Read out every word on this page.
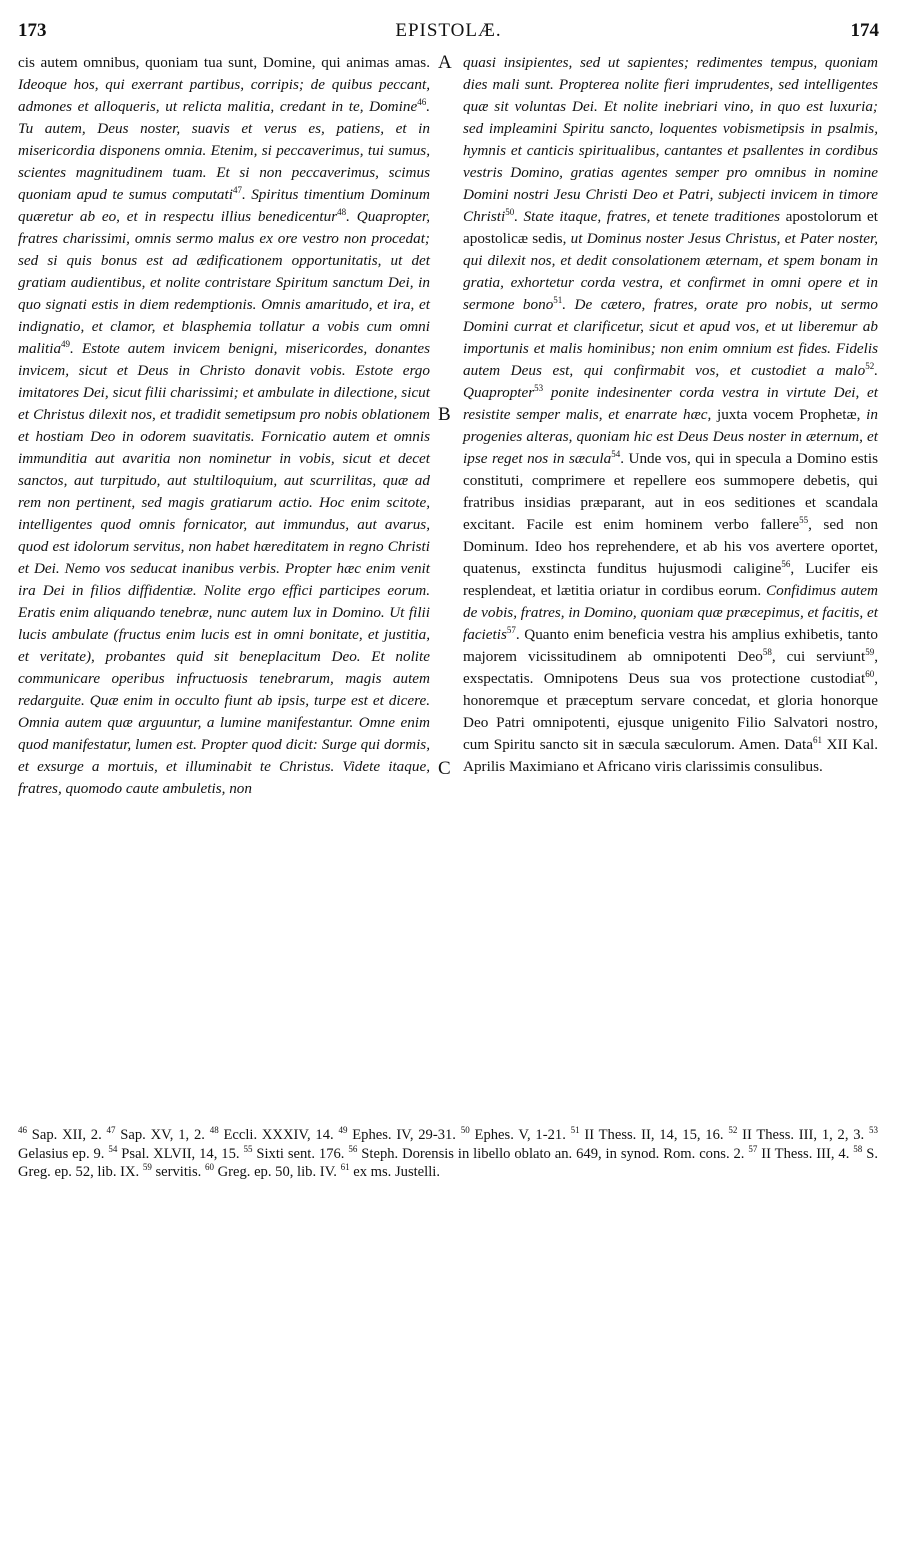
173	EPISTOLÆ.	174

cis autem omnibus, quoniam tua sunt, Domine, qui animas amas. Ideoque hos, qui exerrant partibus, corripis; de quibus peccant, admones et alloqueris, ut relicta malitia, credant in te, Domine$^{46}$. Tu autem, Deus noster, suavis et verus es, patiens, et in misericordia disponens omnia. Etenim, si peccaverimus, tui sumus, scientes magnitudinem tuam. Et si non peccaverimus, scimus quoniam apud te sumus computati$^{47}$. Spiritus timentium Dominum quæretur ab eo, et in respectu illius benedicentur$^{48}$. Quapropter, fratres charissimi, omnis sermo malus ex ore vestro non procedat; sed si quis bonus est ad ædificationem opportunitatis, ut det gratiam audientibus, et nolite contristare Spiritum sanctum Dei, in quo signati estis in diem redemptionis. Omnis amaritudo, et ira, et indignatio, et clamor, et blasphemia tollatur a vobis cum omni malitia$^{49}$. Estote autem invicem benigni, misericordes, donantes invicem, sicut et Deus in Christo donavit vobis. Estote ergo imitatores Dei, sicut filii charissimi; et ambulate in dilectione, sicut et Christus dilexit nos, et tradidit semetipsum pro nobis oblationem et hostiam Deo in odorem suavitatis. Fornicatio autem et omnis immunditia aut avaritia non nominetur in vobis, sicut et decet sanctos, aut turpitudo, aut stultiloquium, aut scurrilitas, quæ ad rem non pertinent, sed magis gratiarum actio. Hoc enim scitote, intelligentes quod omnis fornicator, aut immundus, aut avarus, quod est idolorum servitus, non habet hæreditatem in regno Christi et Dei. Nemo vos seducat inanibus verbis. Propter hæc enim venit ira Dei in filios diffidentiæ. Nolite ergo effici participes eorum. Eratis enim aliquando tenebræ, nunc autem lux in Domino. Ut filii lucis ambulate (fructus enim lucis est in omni bonitate, et justitia, et veritate), probantes quid sit beneplacitum Deo. Et nolite communicare operibus infructuosis tenebrarum, magis autem redarguite. Quæ enim in occulto fiunt ab ipsis, turpe est et dicere. Omnia autem quæ arguuntur, a lumine manifestantur. Omne enim quod manifestatur, lumen est. Propter quod dicit: Surge qui dormis, et exsurge a mortuis, et illuminabit te Christus. Videte itaque, fratres, quomodo caute ambuletis, non

A
B
C

quasi insipientes, sed ut sapientes; redimentes tempus, quoniam dies mali sunt. Propterea nolite fieri imprudentes, sed intelligentes quæ sit voluntas Dei. Et nolite inebriari vino, in quo est luxuria; sed impleamini Spiritu sancto, loquentes vobismetipsis in psalmis, hymnis et canticis spiritualibus, cantantes et psallentes in cordibus vestris Domino, gratias agentes semper pro omnibus in nomine Domini nostri Jesu Christi Deo et Patri, subjecti invicem in timore Christi$^{50}$. State itaque, fratres, et tenete traditiones apostolorum et apostolicæ sedis, ut Dominus noster Jesus Christus, et Pater noster, qui dilexit nos, et dedit consolationem æternam, et spem bonam in gratia, exhortetur corda vestra, et confirmet in omni opere et in sermone bono$^{51}$. De cætero, fratres, orate pro nobis, ut sermo Domini currat et clarificetur, sicut et apud vos, et ut liberemur ab importunis et malis hominibus; non enim omnium est fides. Fidelis autem Deus est, qui confirmabit vos, et custodiet a malo$^{52}$. Quapropter$^{53}$ ponite indesinenter corda vestra in virtute Dei, et resistite semper malis, et enarrate hæc, juxta vocem Prophetæ, in progenies alteras, quoniam hic est Deus Deus noster in æternum, et ipse reget nos in sæcula$^{54}$. Unde vos, qui in specula a Domino estis constituti, comprimere et repellere eos summopere debetis, qui fratribus insidias præparant, aut in eos seditiones et scandala excitant. Facile est enim hominem verbo fallere$^{55}$, sed non Dominum. Ideo hos reprehendere, et ab his vos avertere oportet, quatenus, exstincta funditus hujusmodi caligine$^{56}$, Lucifer eis resplendeat, et lætitia oriatur in cordibus eorum. Confidimus autem de vobis, fratres, in Domino, quoniam quæ præcepimus, et facitis, et facietis$^{57}$. Quanto enim beneficia vestra his amplius exhibetis, tanto majorem vicissitudinem ab omnipotenti Deo$^{58}$, cui serviunt$^{59}$, exspectatis. Omnipotens Deus sua vos protectione custodiat$^{60}$, honoremque et præceptum servare concedat, et gloria honorque Deo Patri omnipotenti, ejusque unigenito Filio Salvatori nostro, cum Spiritu sancto sit in sæcula sæculorum. Amen. Data$^{61}$ XII Kal. Aprilis Maximiano et Africano viris clarissimis consulibus.

$^{46}$ Sap. XII, 2. $^{47}$ Sap. XV, 1, 2. $^{48}$ Eccli. XXXIV, 14. $^{49}$ Ephes. IV, 29-31. $^{50}$ Ephes. V, 1-21. $^{51}$ II Thess. II, 14, 15, 16. $^{52}$ II Thess. III, 1, 2, 3. $^{53}$ Gelasius ep. 9. $^{54}$ Psal. XLVII, 14, 15. $^{55}$ Sixti sent. 176. $^{56}$ Steph. Dorensis in libello oblato an. 649, in synod. Rom. cons. 2. $^{57}$ II Thess. III, 4. $^{58}$ S. Greg. ep. 52, lib. IX. $^{59}$ servitis. $^{60}$ Greg. ep. 50, lib. IV. $^{61}$ ex ms. Justelli.
